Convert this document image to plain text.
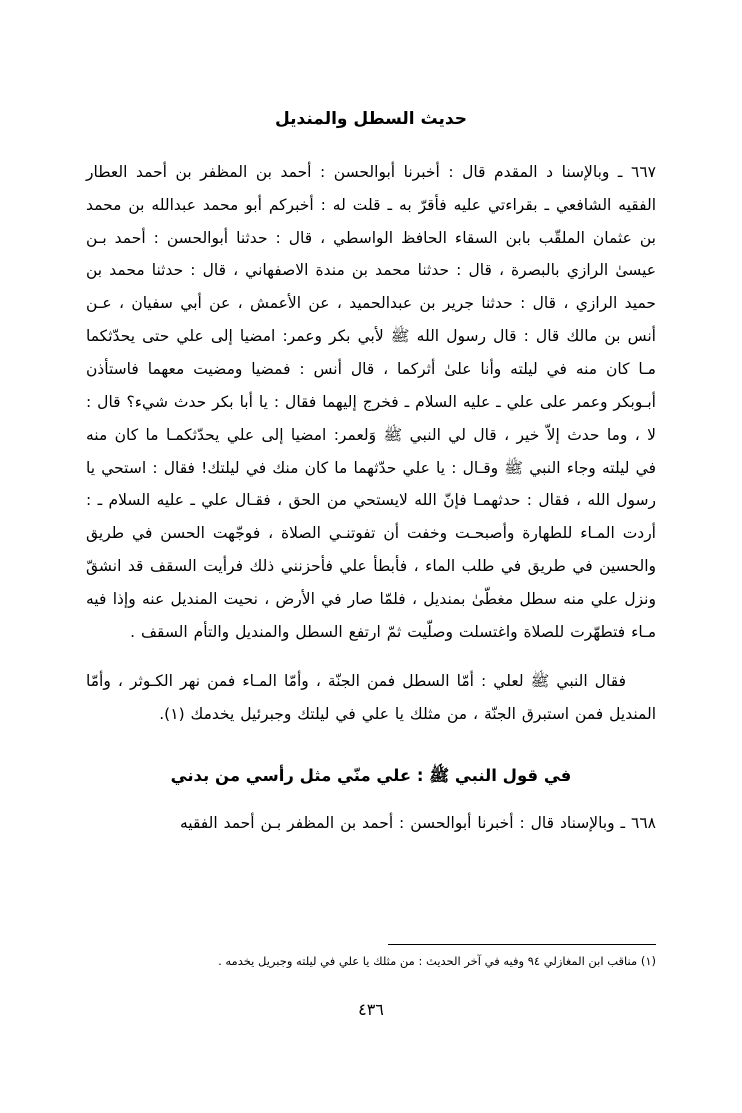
حديث السطل والمنديل
٦٦٧ ـ وبالإسنا د المقدم قال : أخبرنا أبوالحسن : أحمد بن المظفر بن أحمد العطار الفقيه الشافعي ـ بقراءتي عليه فأقرّ به ـ قلت له : أخبركم أبو محمد عبدالله بن محمد بن عثمان الملقّب بابن السقاء الحافظ الواسطي ، قال : حدثنا أبوالحسن : أحمد بـن عيسىٰ الرازي بالبصرة ، قال : حدثنا محمد بن مندة الاصفهاني ، قال : حدثنا محمد بن حميد الرازي ، قال : حدثنا جرير بن عبدالحميد ، عن الأعمش ، عن أبي سفيان ، عـن أنس بن مالك قال : قال رسول الله ﷺ لأبي بكر وعمر: امضيا إلى علي حتى يحدّثكما مـا كان منه في ليلته وأنا علىٰ أثركما ، قال أنس : فمضيا ومضيت معهما فاستأذن أبـوبكر وعمر على علي ـ عليه السلام ـ فخرج إليهما فقال : يا أبا بكر حدث شيء؟ قال : لا ، وما حدث إلاّ خير ، قال لي النبي ﷺ وَلعمر: امضيا إلى علي يحدّثكمـا ما كان منه في ليلته وجاء النبي ﷺ وقـال : يا علي حدّثهما ما كان منك في ليلتك! فقال : استحي يا رسول الله ، فقال : حدثهمـا فإنّ الله لايستحي من الحق ، فقـال علي ـ عليه السلام ـ : أردت المـاء للطهارة وأصبحـت وخفت أن تفوتنـي الصلاة ، فوجّهت الحسن في طريق والحسين في طريق في طلب الماء ، فأبطأ علي فأحزنني ذلك فرأيت السقف قد انشقّ ونزل علي منه سطل مغطّىٰ بمنديل ، فلمّا صار في الأرض ، نحيت المنديل عنه وإذا فيه مـاء فتطهّرت للصلاة واغتسلت وصلّيت ثمّ ارتفع السطل والمنديل والتأم السقف .
فقال النبي ﷺ لعلي : أمّا السطل فمن الجنّة ، وأمّا المـاء فمن نهر الكـوثر ، وأمّا المنديل فمن استبرق الجنّة ، من مثلك يا علي في ليلتك وجبرئيل يخدمك (١).
في قول النبي ﷺ : علي منّي مثل رأسي من بدني
٦٦٨ ـ وبالإسناد قال : أخبرنا أبوالحسن : أحمد بن المظفر بـن أحمد الفقيه
(١) مناقب ابن المغازلي ٩٤ وفيه في آخر الحديث : من مثلك يا علي في ليلته وجبريل يخدمه .
٤٣٦
